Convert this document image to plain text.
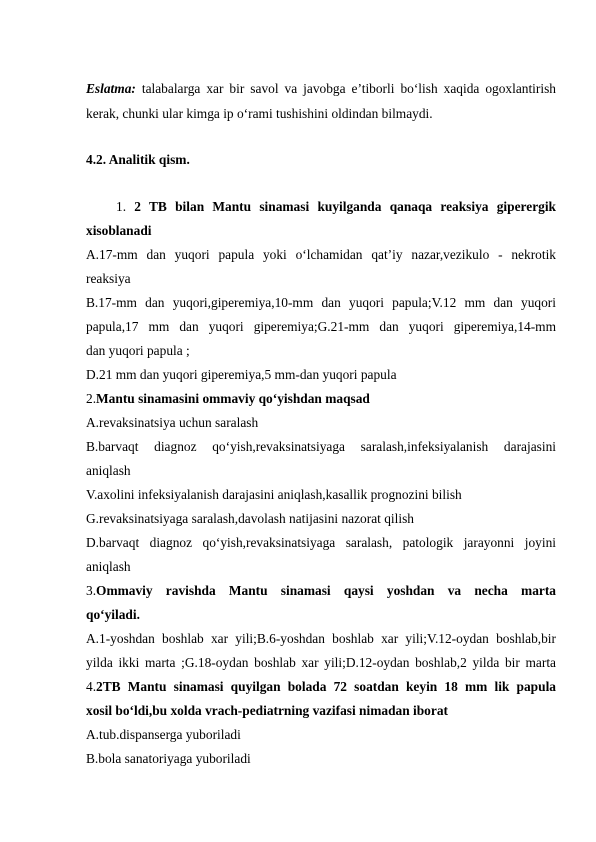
Eslatma: talabalarga xar bir savol va javobga e’tiborli bo‘lish xaqida ogoxlantirish
kerak, chunki ular kimga ip o‘rami tushishini oldindan bilmaydi.
4.2. Analitik qism.
1. 2 TB bilan Mantu sinamasi kuyilganda qanaqa reaksiya giperergik
xisoblanadi
A.17-mm dan yuqori papula yoki o‘lchamidan qat’iy nazar,vezikulo - nekrotik
reaksiya
B.17-mm dan yuqori,giperemiya,10-mm dan yuqori papula;V.12 mm dan yuqori
papula,17 mm dan yuqori giperemiya;G.21-mm dan yuqori giperemiya,14-mm
dan yuqori papula ;
D.21 mm dan yuqori giperemiya,5 mm-dan yuqori papula
2.Mantu sinamasini ommaviy qo‘yishdan maqsad
A.revaksinatsiya uchun saralash
B.barvaqt diagnoz qo‘yish,revaksinatsiyaga saralash,infeksiyalanish darajasini
aniqlash
V.axolini infeksiyalanish darajasini aniqlash,kasallik prognozini bilish
G.revaksinatsiyaga saralash,davolash natijasini nazorat qilish
D.barvaqt diagnoz qo‘yish,revaksinatsiyaga saralash, patologik jarayonni joyini
aniqlash
3.Ommaviy ravishda Mantu sinamasi qaysi yoshdan va necha marta
qo‘yiladi.
A.1-yoshdan boshlab xar yili;B.6-yoshdan boshlab xar yili;V.12-oydan boshlab,bir
yilda ikki marta ;G.18-oydan boshlab xar yili;D.12-oydan boshlab,2 yilda bir marta
4.2TB Mantu sinamasi quyilgan bolada 72 soatdan keyin 18 mm lik papula
xosil bo‘ldi,bu xolda vrach-pediatrning vazifasi nimadan iborat
A.tub.dispanserga yuboriladi
B.bola sanatoriyaga yuboriladi
